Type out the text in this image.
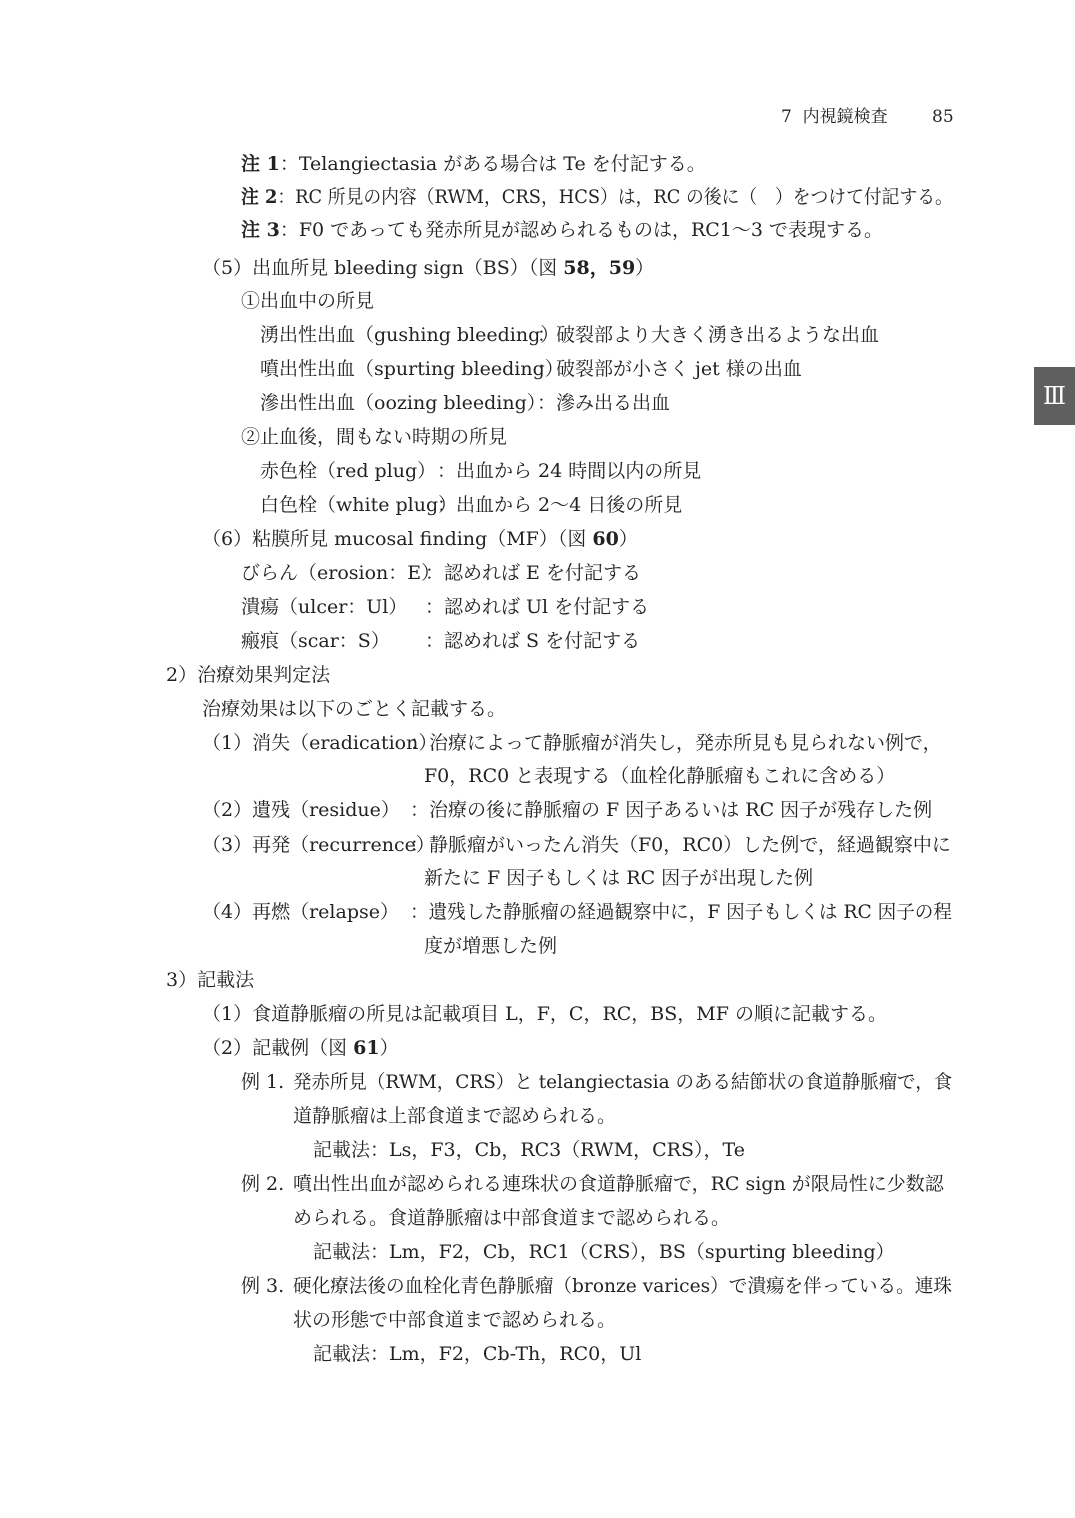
7 内視鏡検査	85
Ⅲ
注 1：Telangiectasia がある場合は Te を付記する。
注 2：RC 所見の内容（RWM，CRS，HCS）は，RC の後に（　）をつけて付記する。
注 3：F0 であっても発赤所見が認められるものは，RC1～3 で表現する。
（5）出血所見 bleeding sign（BS）（図 58，59）
①出血中の所見
湧出性出血（gushing bleeding）
：破裂部より大きく湧き出るような出血
噴出性出血（spurting bleeding）
：破裂部が小さく jet 様の出血
滲出性出血（oozing bleeding）
：滲み出る出血
②止血後，間もない時期の所見
赤色栓（red plug） ：出血から 24 時間以内の所見
白色栓（white plug）
：出血から 2～4 日後の所見
（6）粘膜所見 mucosal finding（MF）（図 60）
びらん（erosion：E）
：認めれば E を付記する
潰瘍（ulcer：Ul） ：認めれば Ul を付記する
瘢痕（scar：S） ：認めれば S を付記する
2）治療効果判定法
治療効果は以下のごとく記載する。
（1）消失（eradication）
：治療によって静脈瘤が消失し，発赤所見も見られない例で，
F0，RC0 と表現する（血栓化静脈瘤もこれに含める）
（2）遺残（residue） ：治療の後に静脈瘤の F 因子あるいは RC 因子が残存した例
（3）再発（recurrence）
：静脈瘤がいったん消失（F0，RC0）した例で，経過観察中に
新たに F 因子もしくは RC 因子が出現した例
（4）再燃（relapse） ：遺残した静脈瘤の経過観察中に，F 因子もしくは RC 因子の程
度が増悪した例
3）記載法
（1）食道静脈瘤の所見は記載項目 L，F，C，RC，BS，MF の順に記載する。
（2）記載例（図 61）
例 1. 発赤所見（RWM，CRS）と telangiectasia のある結節状の食道静脈瘤で，食
道静脈瘤は上部食道まで認められる。
記載法：Ls，F3，Cb，RC3（RWM，CRS），Te
例 2. 噴出性出血が認められる連珠状の食道静脈瘤で，RC sign が限局性に少数認
められる。食道静脈瘤は中部食道まで認められる。
記載法：Lm，F2，Cb，RC1（CRS），BS（spurting bleeding）
例 3. 硬化療法後の血栓化青色静脈瘤（bronze varices）で潰瘍を伴っている。連珠
状の形態で中部食道まで認められる。
記載法：Lm，F2，Cb-Th，RC0，Ul
